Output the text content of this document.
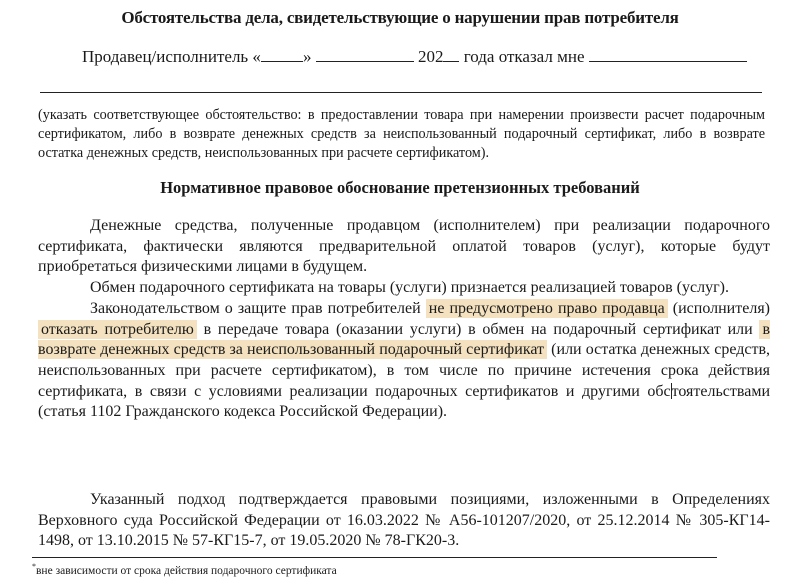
Обстоятельства дела, свидетельствующие о нарушении прав потребителя
Продавец/исполнитель « »	202 года отказал мне
(указать соответствующее обстоятельство: в предоставлении товара при намерении произвести расчет подарочным сертификатом, либо в возврате денежных средств за неиспользованный подарочный сертификат, либо в возврате остатка денежных средств, неиспользованных при расчете сертификатом).
Нормативное правовое обоснование претензионных требований

Денежные средства, полученные продавцом (исполнителем) при реализации подарочного сертификата, фактически являются предварительной оплатой товаров (услуг), которые будут приобретаться физическими лицами в будущем.

Обмен подарочного сертификата на товары (услуги) признается реализацией товаров (услуг).

Законодательством о защите прав потребителей не предусмотрено право продавца (исполнителя) отказать потребителю в передаче товара (оказании услуги) в обмен на подарочный сертификат или в возврате денежных средств за неиспользованный подарочный сертификат (или остатка денежных средств, неиспользованных при расчете сертификатом), в том числе по причине истечения срока действия сертификата, в связи с условиями реализации подарочных сертификатов и другими обстоятельствами (статья 1102 Гражданского кодекса Российской Федерации).

Указанный подход подтверждается правовыми позициями, изложенными в Определениях Верховного суда Российской Федерации от 16.03.2022 № А56-101207/2020, от 25.12.2014 № 305-КГ14-1498, от 13.10.2015 № 57-КГ15-7, от 19.05.2020 № 78-ГК20-3.

*вне зависимости от срока действия подарочного сертификата
